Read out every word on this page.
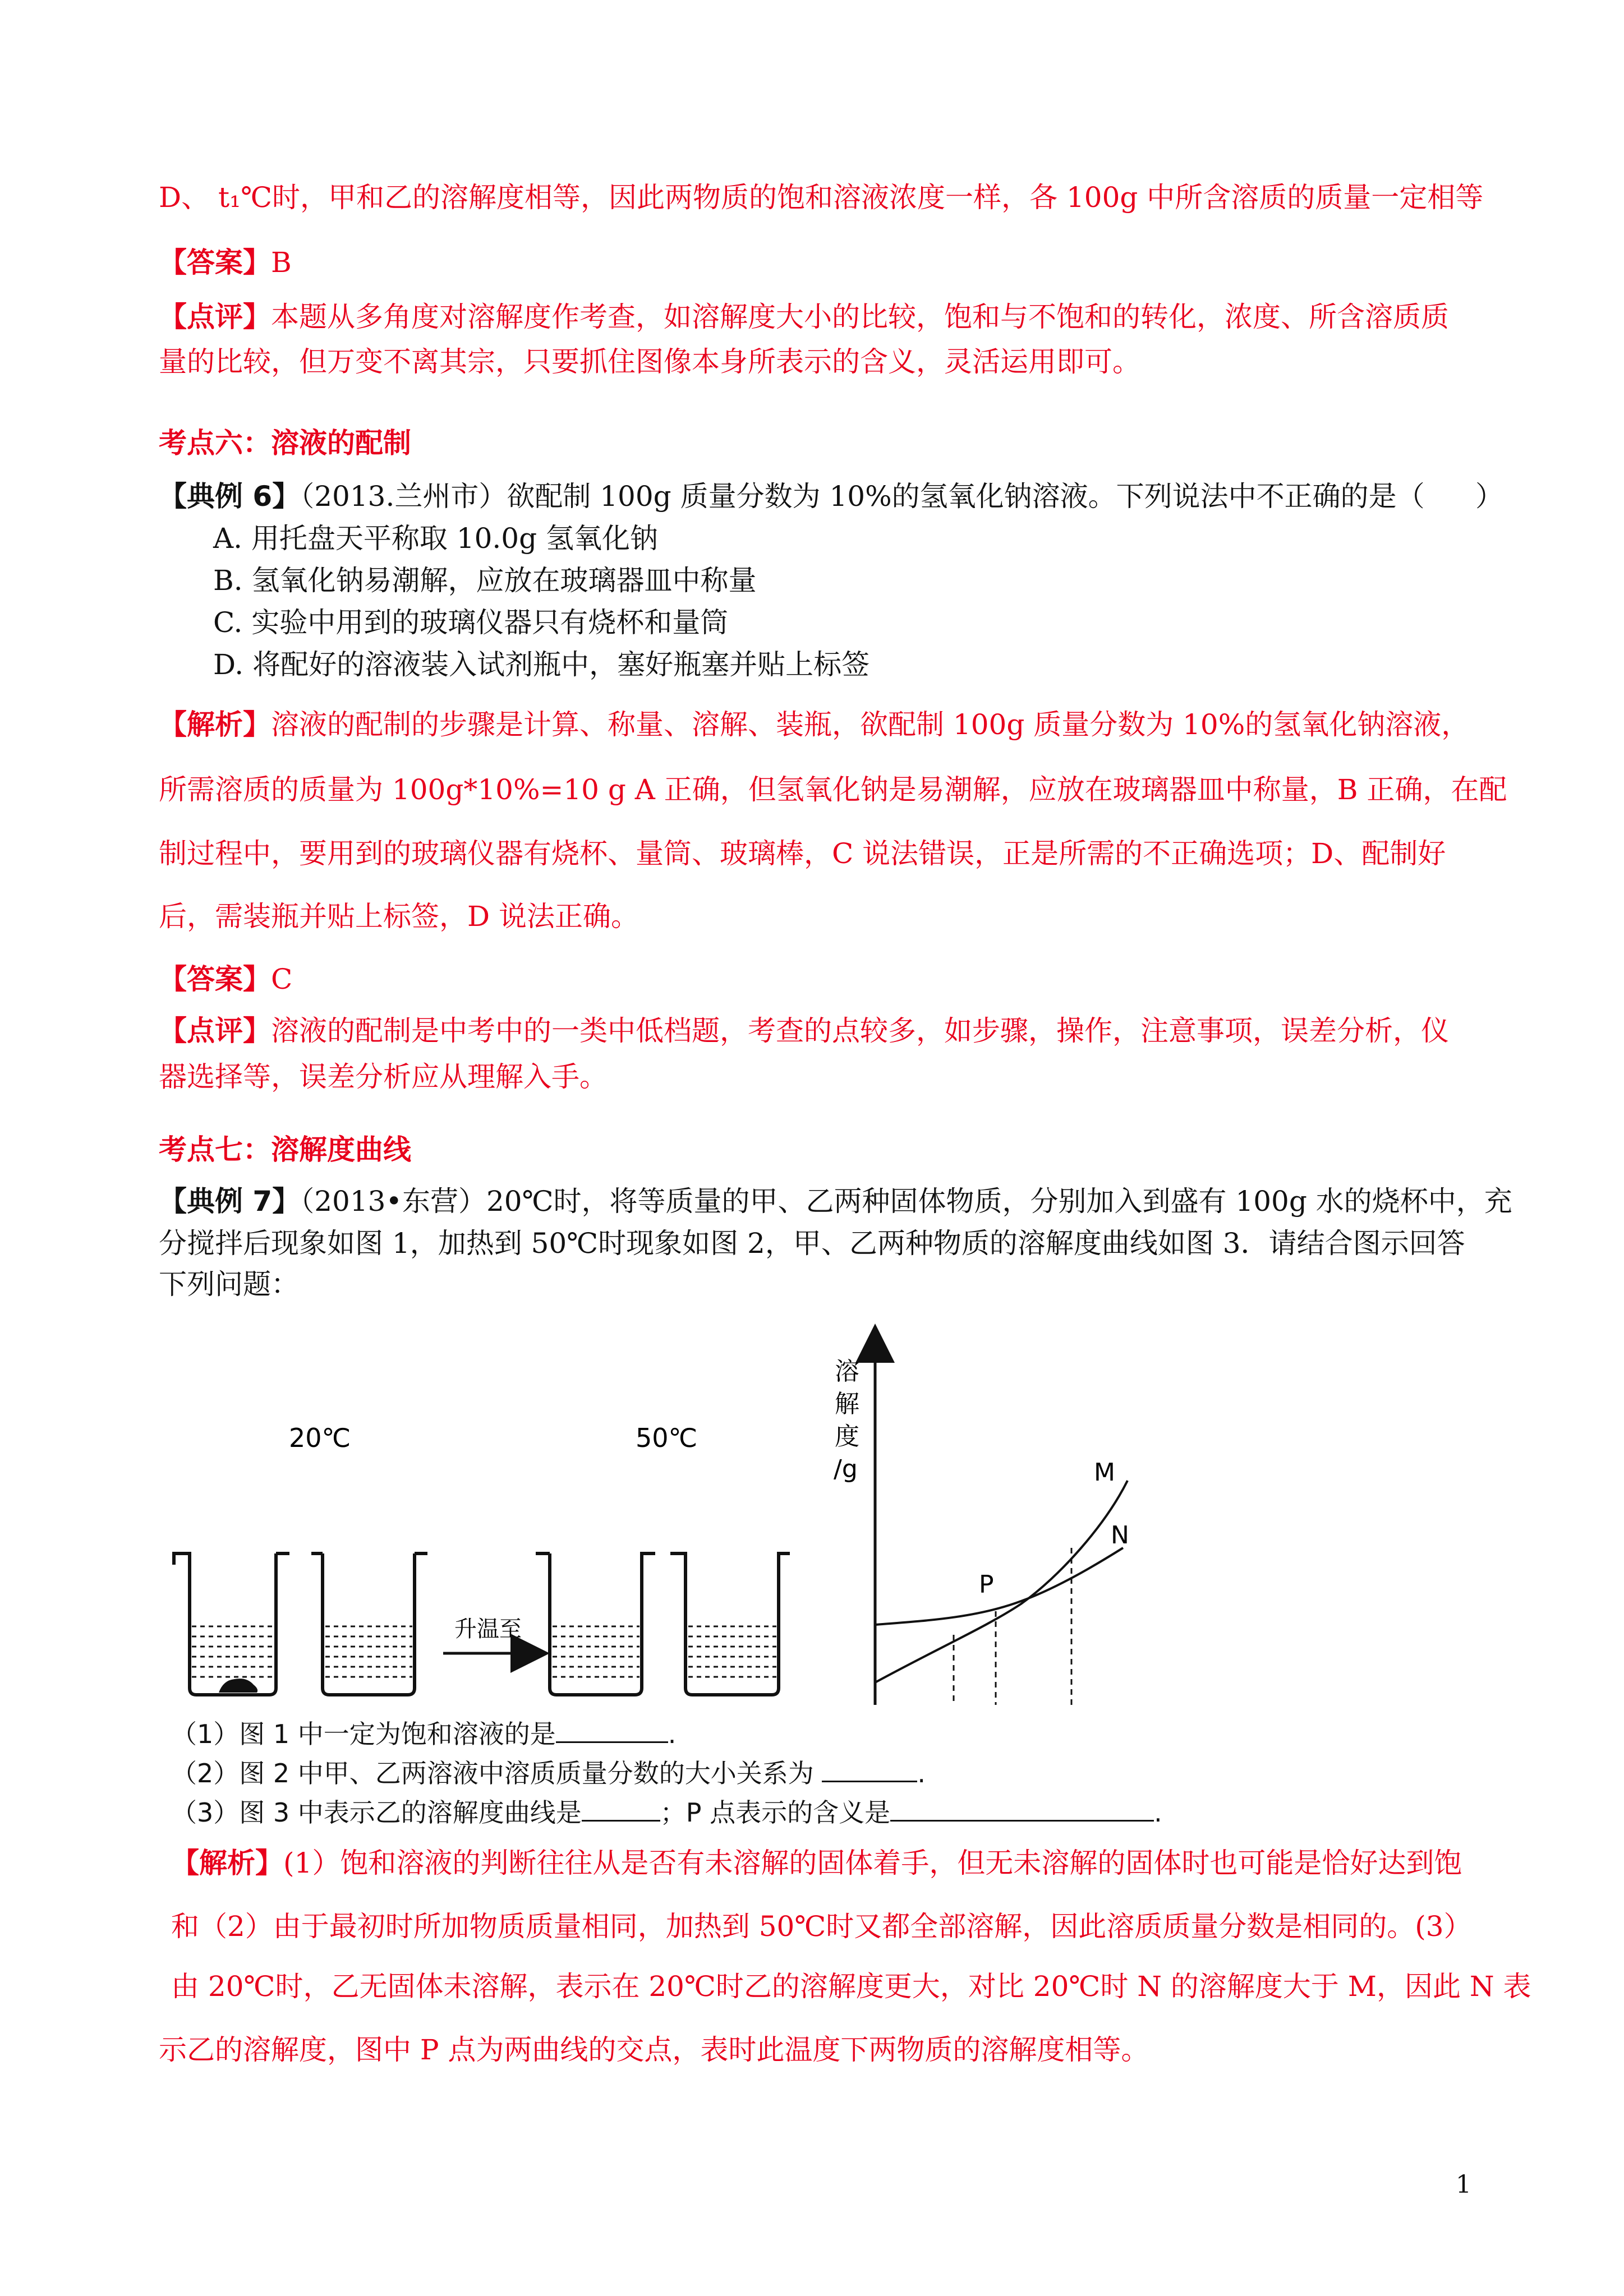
D、 t₁℃时，甲和乙的溶解度相等，因此两物质的饱和溶液浓度一样，各 100g 中所含溶质的质量一定相等
【答案】B
【点评】本题从多角度对溶解度作考查，如溶解度大小的比较，饱和与不饱和的转化，浓度、所含溶质质
量的比较，但万变不离其宗，只要抓住图像本身所表示的含义，灵活运用即可。
考点六：溶液的配制
【典例 6】（2013.兰州市）欲配制 100g 质量分数为 10%的氢氧化钠溶液。下列说法中不正确的是（ ）
A. 用托盘天平称取 10.0g 氢氧化钠
B. 氢氧化钠易潮解，应放在玻璃器皿中称量
C. 实验中用到的玻璃仪器只有烧杯和量筒
D. 将配好的溶液装入试剂瓶中，塞好瓶塞并贴上标签
【解析】溶液的配制的步骤是计算、称量、溶解、装瓶，欲配制 100g 质量分数为 10%的氢氧化钠溶液，
所需溶质的质量为 100g*10%=10 g A 正确，但氢氧化钠是易潮解，应放在玻璃器皿中称量，B 正确，在配
制过程中，要用到的玻璃仪器有烧杯、量筒、玻璃棒，C 说法错误，正是所需的不正确选项；D、配制好
后，需装瓶并贴上标签，D 说法正确。
【答案】C
【点评】溶液的配制是中考中的一类中低档题，考查的点较多，如步骤，操作，注意事项，误差分析，仪
器选择等，误差分析应从理解入手。
考点七：溶解度曲线
【典例 7】（2013•东营）20℃时，将等质量的甲、乙两种固体物质，分别加入到盛有 100g 水的烧杯中，充
分搅拌后现象如图 1，加热到 50℃时现象如图 2，甲、乙两种物质的溶解度曲线如图 3．请结合图示回答
下列问题：
20℃	50℃
升温至
溶
解
度
/g
P
M
N
（1）图 1 中一定为饱和溶液的是	.
（2）图 2 中甲、乙两溶液中溶质质量分数的大小关系为	.
（3）图 3 中表示乙的溶解度曲线是	；P 点表示的含义是	.
【解析】(1）饱和溶液的判断往往从是否有未溶解的固体着手，但无未溶解的固体时也可能是恰好达到饱
和（2）由于最初时所加物质质量相同，加热到 50℃时又都全部溶解，因此溶质质量分数是相同的。(3）
由 20℃时，乙无固体未溶解，表示在 20℃时乙的溶解度更大，对比 20℃时 N 的溶解度大于 M，因此 N 表
示乙的溶解度，图中 P 点为两曲线的交点，表时此温度下两物质的溶解度相等。
1
